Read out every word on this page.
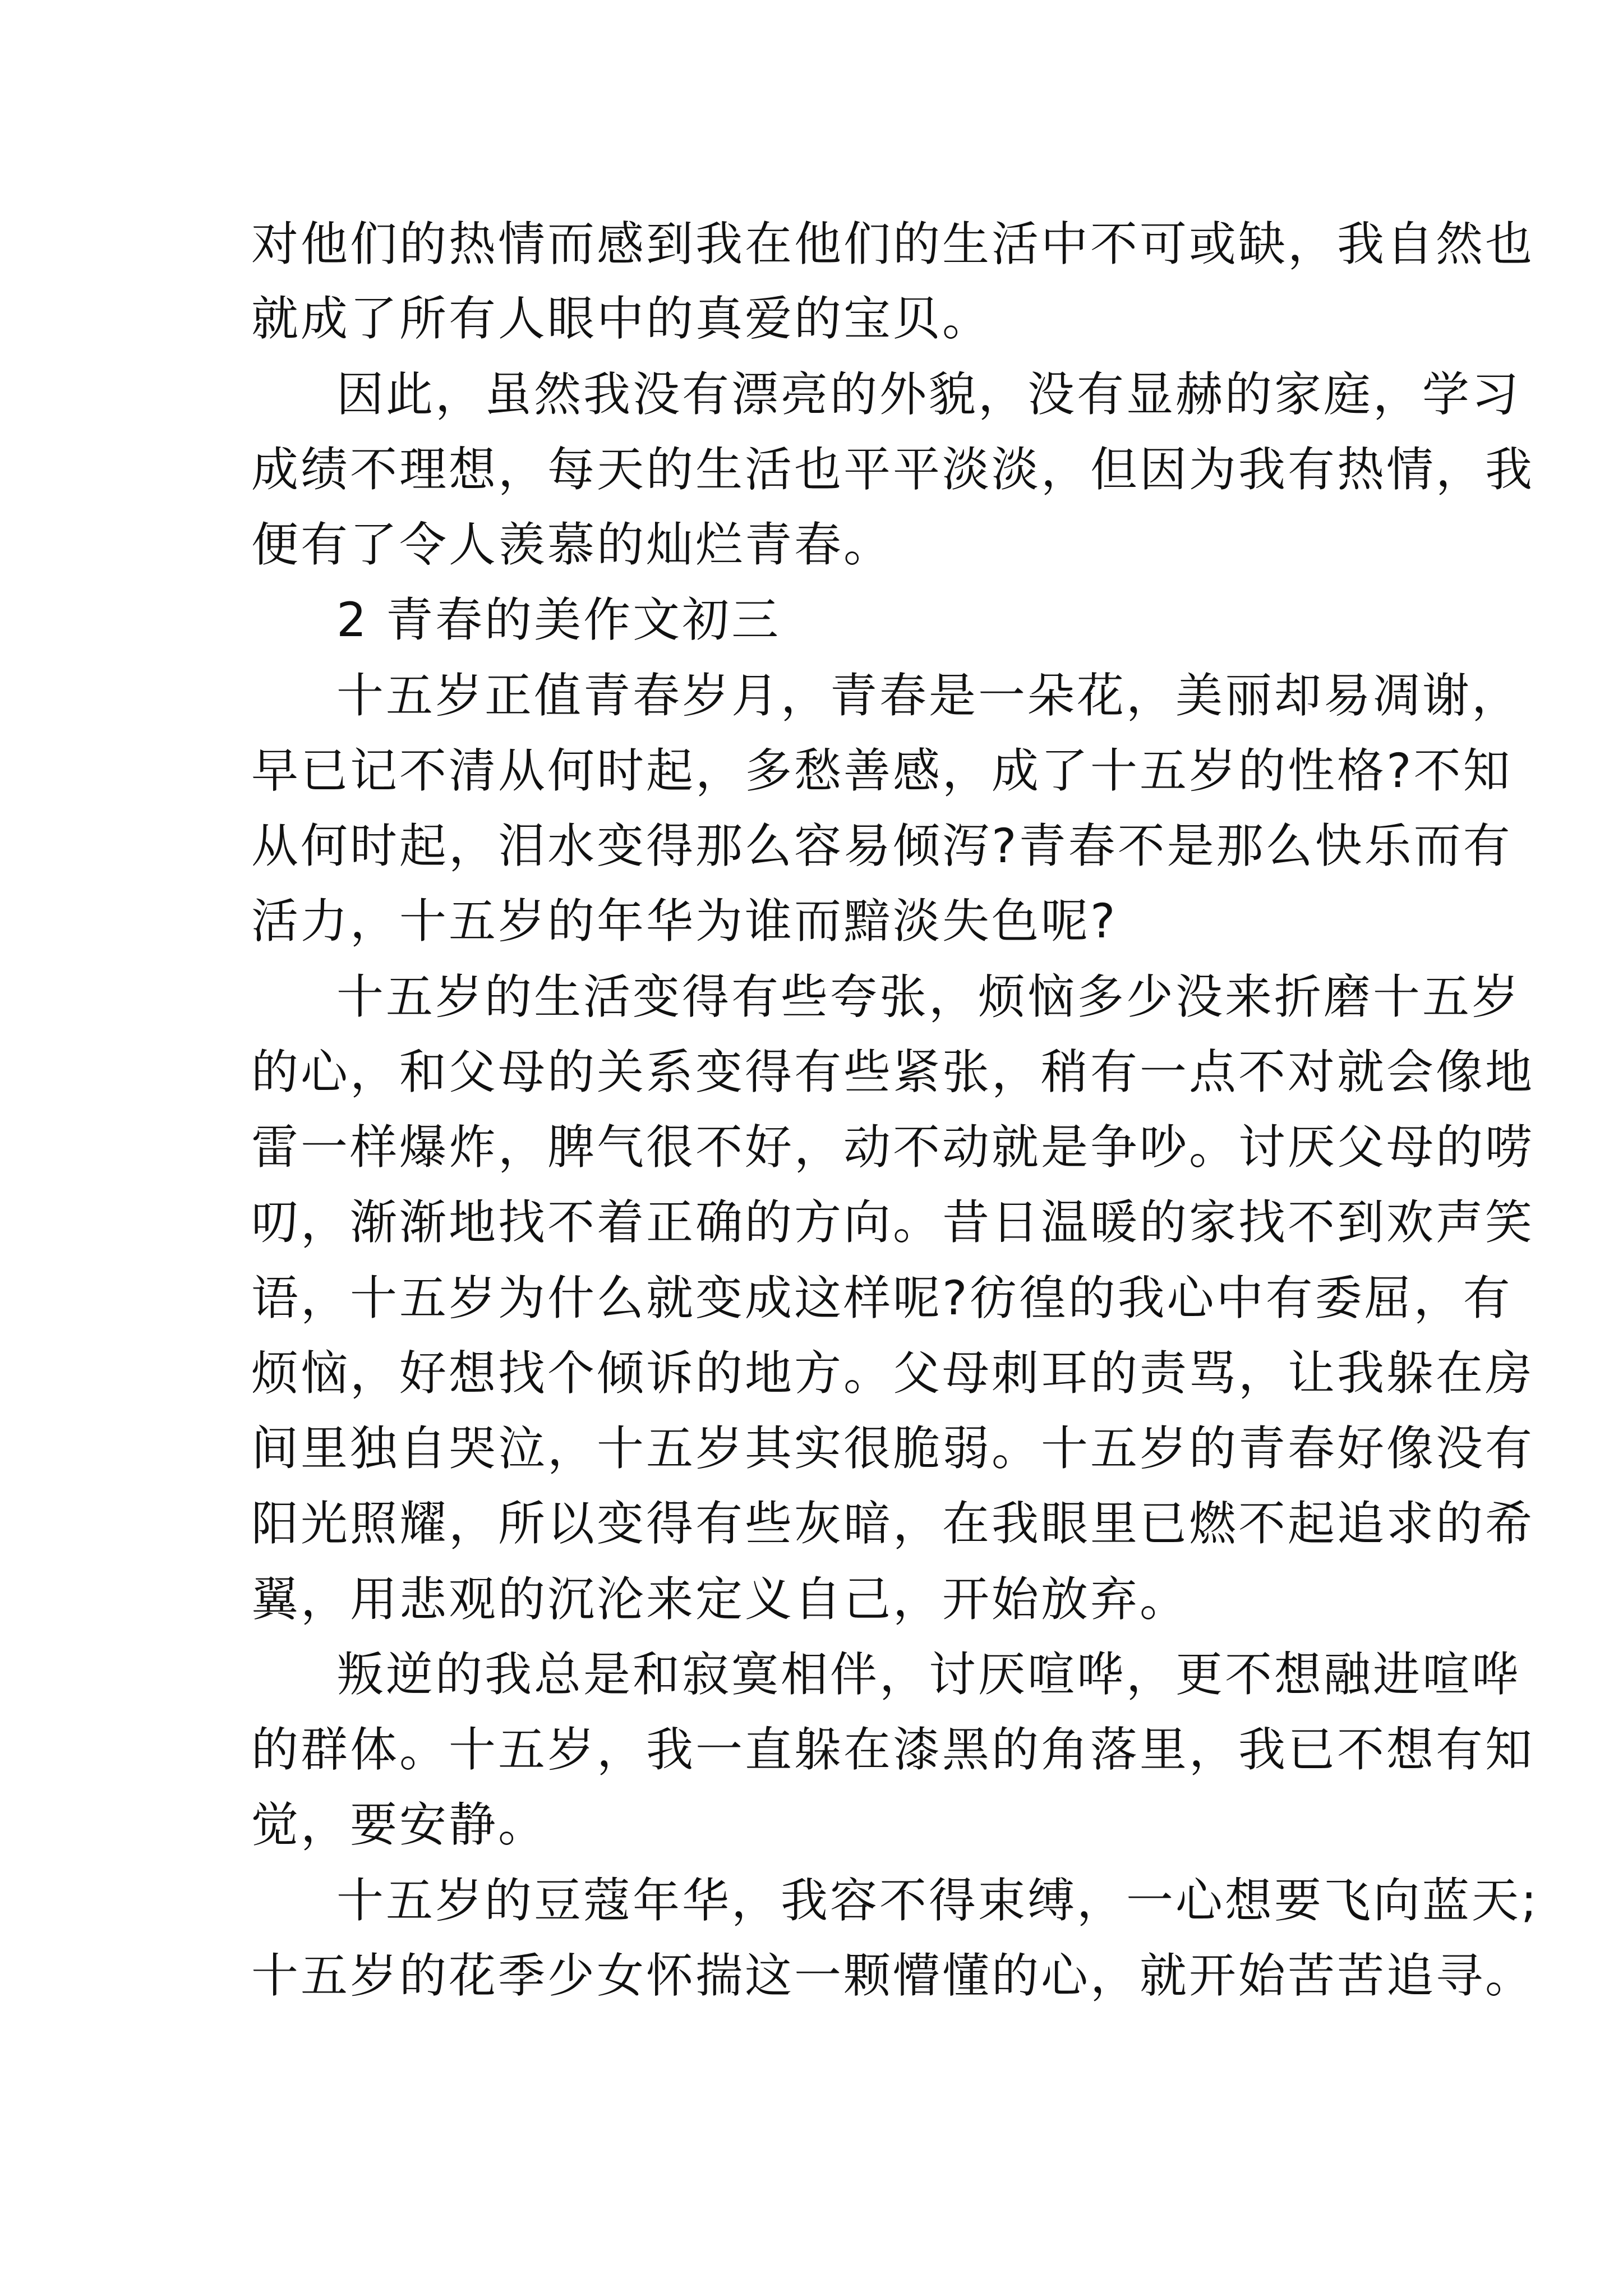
对他们的热情而感到我在他们的生活中不可或缺，我自然也
就成了所有人眼中的真爱的宝贝。
因此，虽然我没有漂亮的外貌，没有显赫的家庭，学习
成绩不理想，每天的生活也平平淡淡，但因为我有热情，我
便有了令人羡慕的灿烂青春。
2 青春的美作文初三
十五岁正值青春岁月，青春是一朵花，美丽却易凋谢，
早已记不清从何时起，多愁善感，成了十五岁的性格?不知
从何时起，泪水变得那么容易倾泻?青春不是那么快乐而有
活力，十五岁的年华为谁而黯淡失色呢?
十五岁的生活变得有些夸张，烦恼多少没来折磨十五岁
的心，和父母的关系变得有些紧张，稍有一点不对就会像地
雷一样爆炸，脾气很不好，动不动就是争吵。讨厌父母的唠
叨，渐渐地找不着正确的方向。昔日温暖的家找不到欢声笑
语，十五岁为什么就变成这样呢?彷徨的我心中有委屈，有
烦恼，好想找个倾诉的地方。父母刺耳的责骂，让我躲在房
间里独自哭泣，十五岁其实很脆弱。十五岁的青春好像没有
阳光照耀，所以变得有些灰暗，在我眼里已燃不起追求的希
翼，用悲观的沉沦来定义自己，开始放弃。
叛逆的我总是和寂寞相伴，讨厌喧哗，更不想融进喧哗
的群体。十五岁，我一直躲在漆黑的角落里，我已不想有知
觉，要安静。
十五岁的豆蔻年华，我容不得束缚，一心想要飞向蓝天;
十五岁的花季少女怀揣这一颗懵懂的心，就开始苦苦追寻。
